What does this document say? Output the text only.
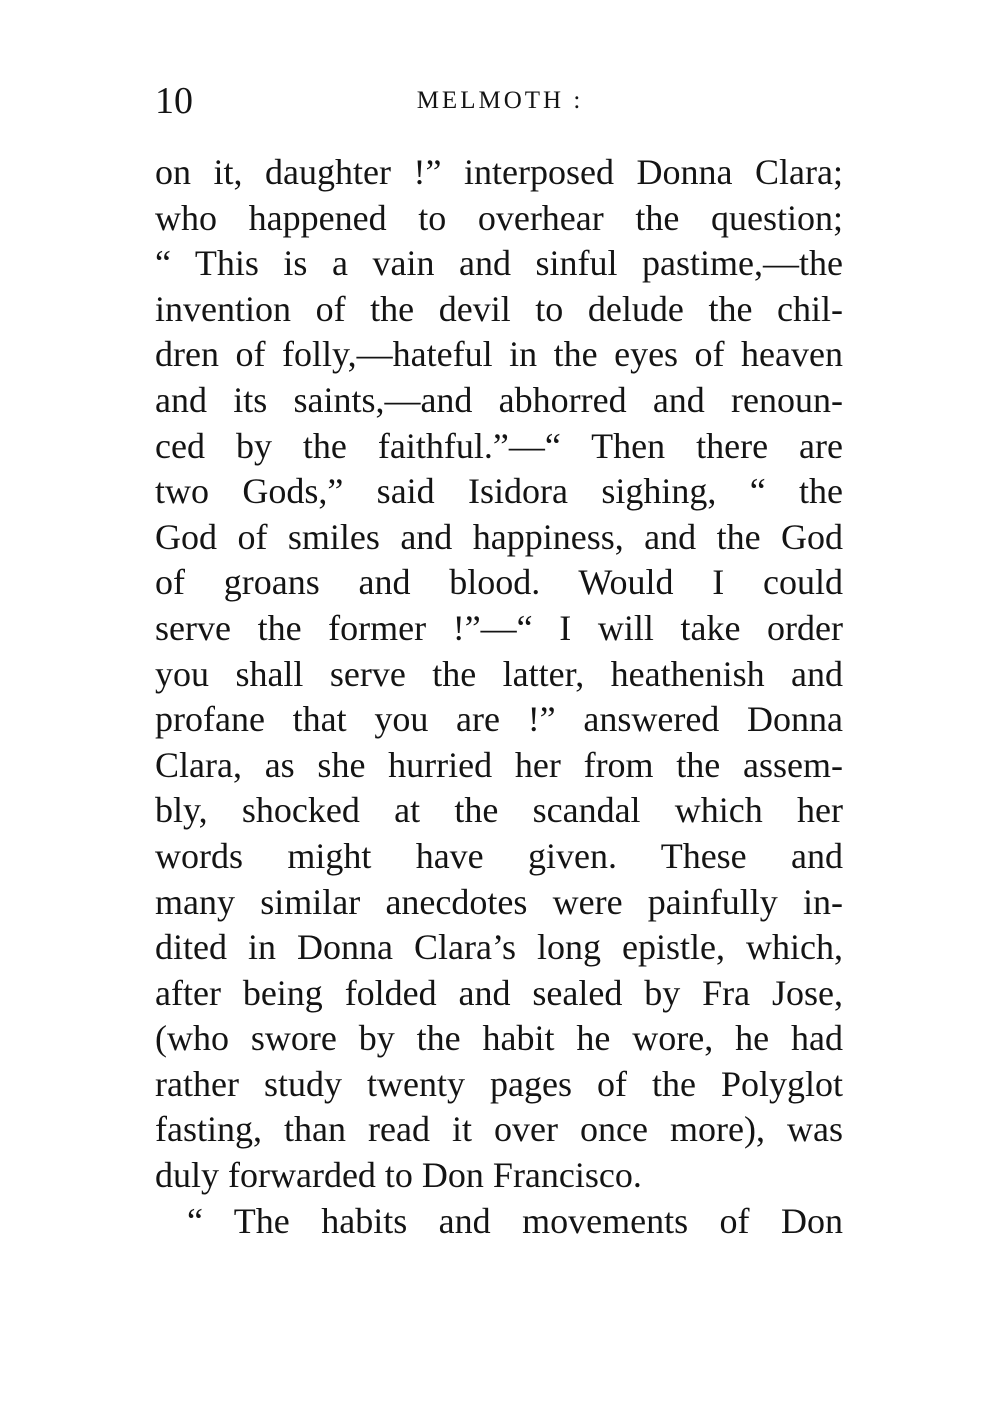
10	MELMOTH :
on it, daughter !” interposed Donna Clara;
who happened to overhear the question;
“ This is a vain and sinful pastime,—the
invention of the devil to delude the chil-
dren of folly,—hateful in the eyes of heaven
and its saints,—and abhorred and renoun-
ced by the faithful.”—“ Then there are
two Gods,” said Isidora sighing, “ the
God of smiles and happiness, and the God
of groans and blood. Would I could
serve the former !”—“ I will take order
you shall serve the latter, heathenish and
profane that you are !” answered Donna
Clara, as she hurried her from the assem-
bly, shocked at the scandal which her
words might have given. These and
many similar anecdotes were painfully in-
dited in Donna Clara’s long epistle, which,
after being folded and sealed by Fra Jose,
(who swore by the habit he wore, he had
rather study twenty pages of the Polyglot
fasting, than read it over once more), was
duly forwarded to Don Francisco.
“ The habits and movements of Don
